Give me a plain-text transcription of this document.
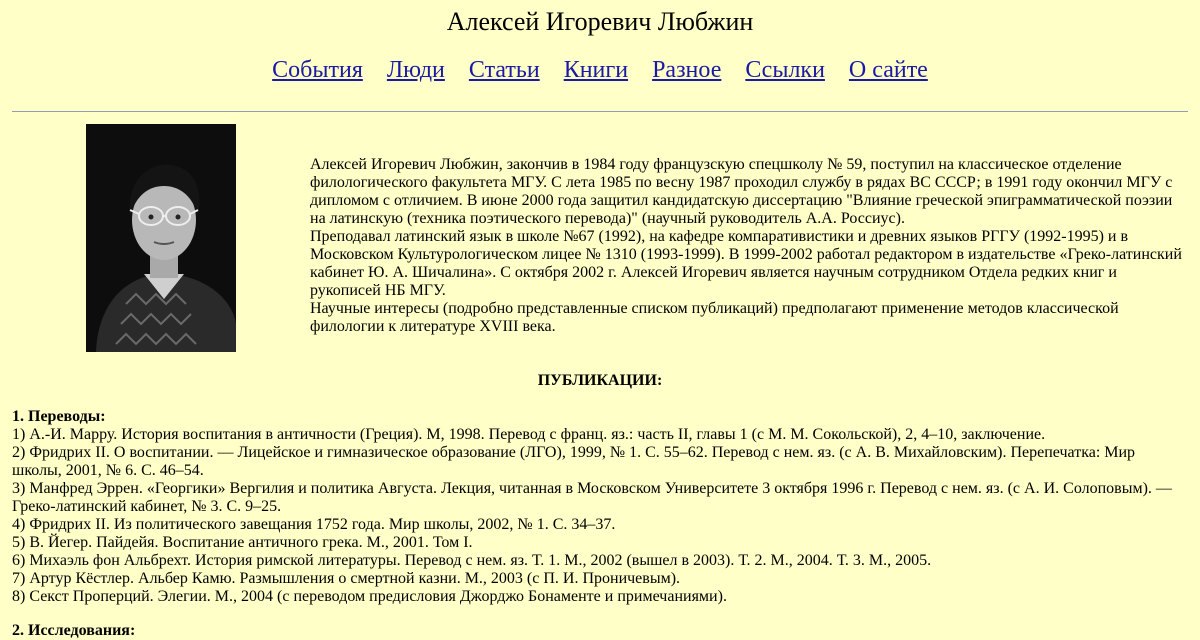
Алексей Игоревич Любжин
События Люди Статьи Книги Разное Ссылки О сайте

Алексей Игоревич Любжин, закончив в 1984 году французскую спецшколу № 59, поступил на классическое отделение филологического факультета МГУ. С лета 1985 по весну 1987 проходил службу в рядах ВС СССР; в 1991 году окончил МГУ с дипломом с отличием. В июне 2000 года защитил кандидатскую диссертацию "Влияние греческой эпиграмматической поэзии на латинскую (техника поэтического перевода)" (научный руководитель А.А. Россиус).

Преподавал латинский язык в школе №67 (1992), на кафедре компаративистики и древних языков РГГУ (1992-1995) и в Московском Культурологическом лицее № 1310 (1993-1999). В 1999-2002 работал редактором в издательстве «Греко-латинский кабинет Ю. А. Шичалина». С октября 2002 г. Алексей Игоревич является научным сотрудником Отдела редких книг и рукописей НБ МГУ.

Научные интересы (подробно представленные списком публикаций) предполагают применение методов классической филологии к литературе XVIII века.

ПУБЛИКАЦИИ:
1. Переводы:
1) А.-И. Марру. История воспитания в античности (Греция). М, 1998. Перевод с франц. яз.: часть II, главы 1 (с М. М. Сокольской), 2, 4–10, заключение.
2) Фридрих II. О воспитании. — Лицейское и гимназическое образование (ЛГО), 1999, № 1. С. 55–62. Перевод с нем. яз. (с А. В. Михайловским). Перепечатка: Мир школы, 2001, № 6. С. 46–54.
3) Манфред Эррен. «Георгики» Вергилия и политика Августа. Лекция, читанная в Московском Университете 3 октября 1996 г. Перевод с нем. яз. (с А. И. Солоповым). — Греко-латинский кабинет, № 3. С. 9–25.
4) Фридрих II. Из политического завещания 1752 года. Мир школы, 2002, № 1. С. 34–37.
5) В. Йегер. Пайдейя. Воспитание античного грека. М., 2001. Том I.
6) Михаэль фон Альбрехт. История римской литературы. Перевод с нем. яз. Т. 1. М., 2002 (вышел в 2003). Т. 2. М., 2004. Т. 3. М., 2005.
7) Артур Кёстлер. Альбер Камю. Размышления о смертной казни. М., 2003 (с П. И. Проничевым).
8) Секст Проперций. Элегии. М., 2004 (с переводом предисловия Джорджо Бонаменте и примечаниями).
2. Исследования:
